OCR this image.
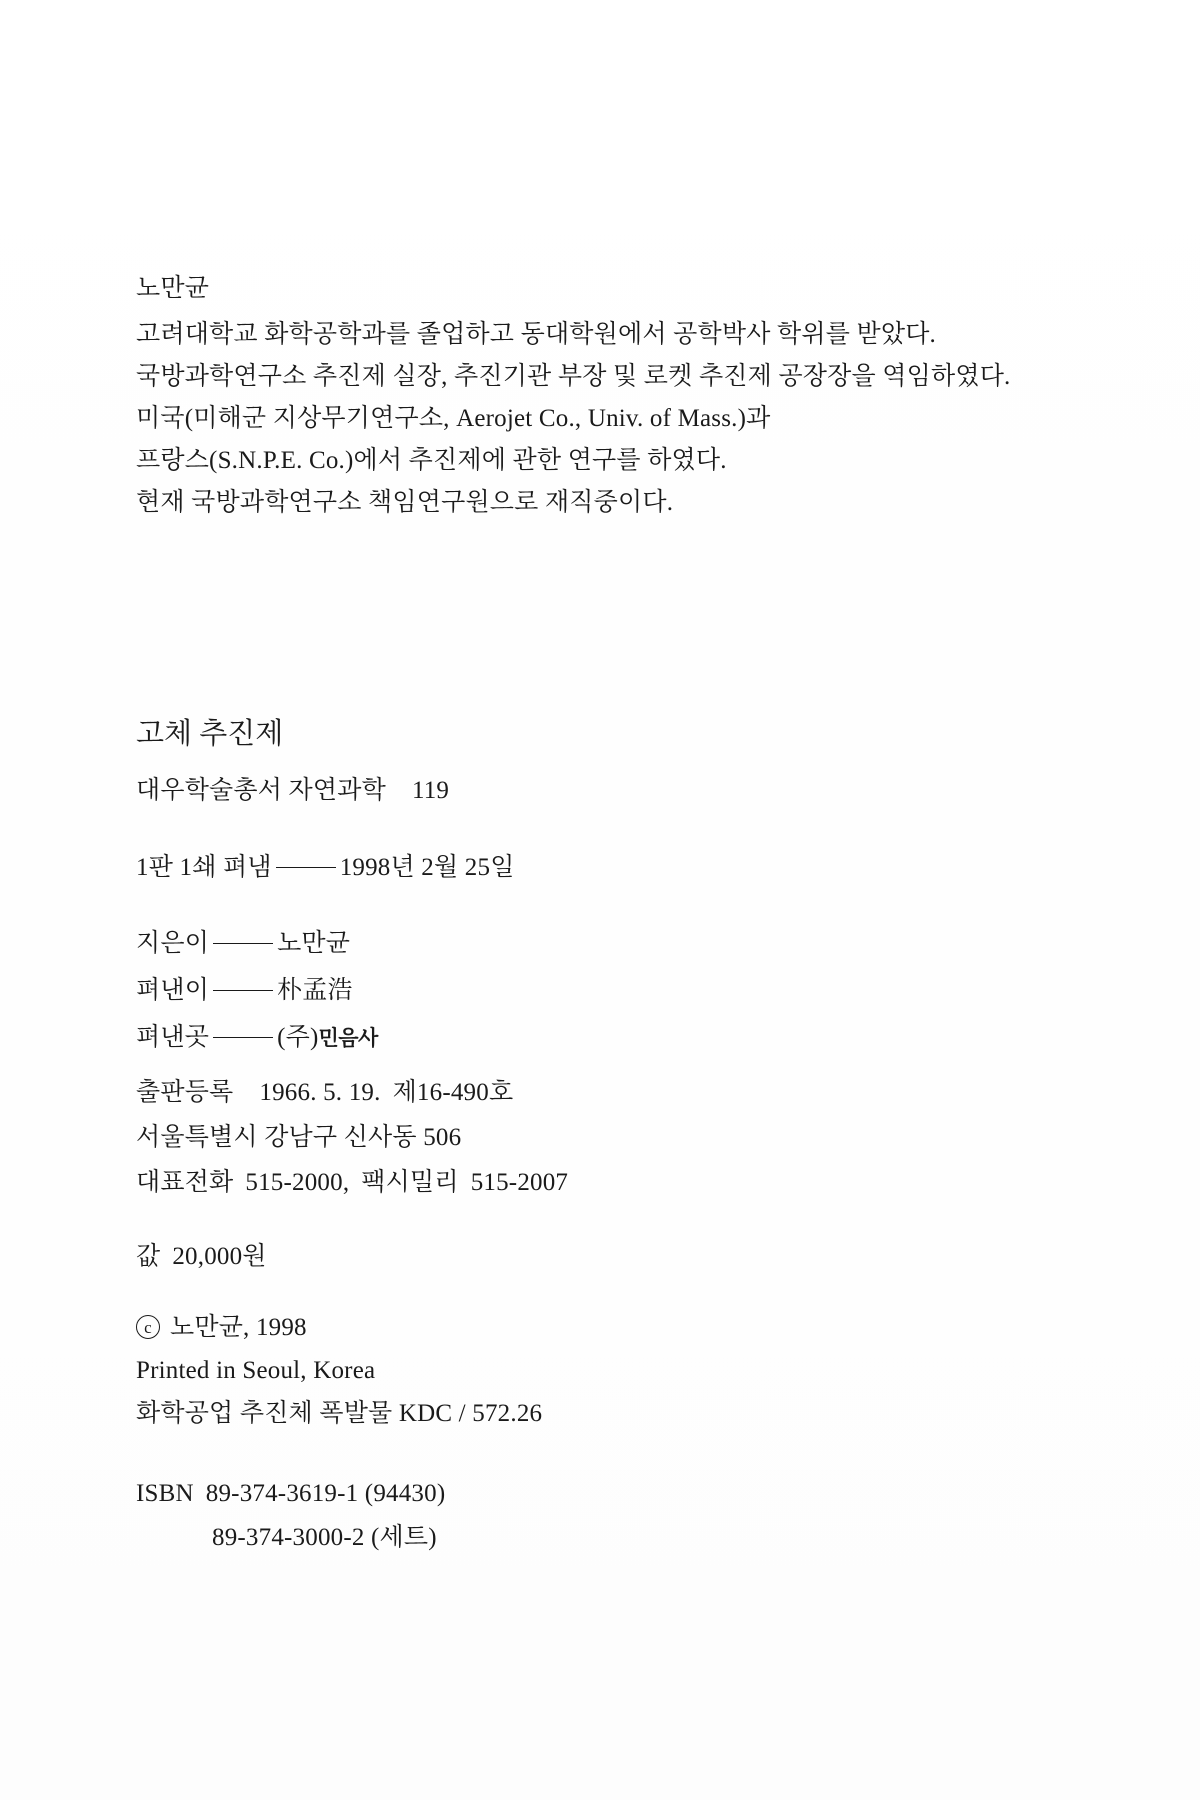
노만균
고려대학교 화학공학과를 졸업하고 동대학원에서 공학박사 학위를 받았다.
국방과학연구소 추진제 실장, 추진기관 부장 및 로켓 추진제 공장장을 역임하였다.
미국(미해군 지상무기연구소, Aerojet Co., Univ. of Mass.)과
프랑스(S.N.P.E. Co.)에서 추진제에 관한 연구를 하였다.
현재 국방과학연구소 책임연구원으로 재직중이다.
고체 추진제
대우학술총서 자연과학 119
1판 1쇄 펴냄	1998년 2월 25일
지은이	노만균
펴낸이	朴孟浩
펴낸곳	(주)민음사
출판등록 1966. 5. 19. 제16-490호
서울특별시 강남구 신사동 506
대표전화 515-2000, 팩시밀리 515-2007
값 20,000원
c 노만균, 1998
Printed in Seoul, Korea
화학공업 추진체 폭발물 KDC / 572.26
ISBN 89-374-3619-1 (94430)
89-374-3000-2 (세트)
